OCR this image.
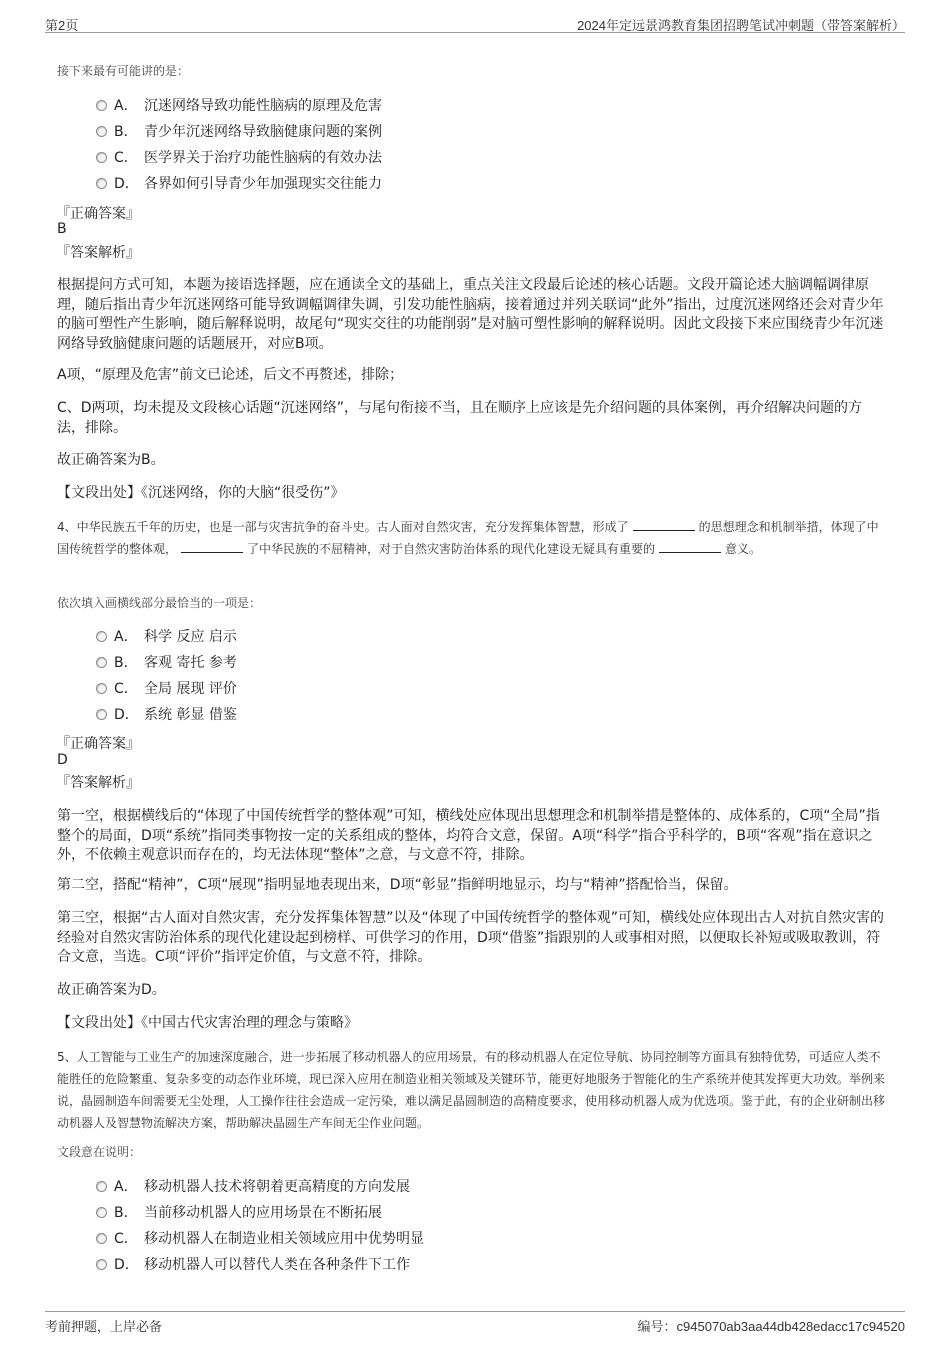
第2页	2024年定远景鸿教育集团招聘笔试冲刺题（带答案解析）
接下来最有可能讲的是：
A． 沉迷网络导致功能性脑病的原理及危害
B． 青少年沉迷网络导致脑健康问题的案例
C． 医学界关于治疗功能性脑病的有效办法
D． 各界如何引导青少年加强现实交往能力
『正确答案』
B
『答案解析』
根据提问方式可知，本题为接语选择题，应在通读全文的基础上，重点关注文段最后论述的核心话题。文段开篇论述大脑调幅调律原理，随后指出青少年沉迷网络可能导致调幅调律失调，引发功能性脑病，接着通过并列关联词“此外”指出，过度沉迷网络还会对青少年的脑可塑性产生影响，随后解释说明，故尾句“现实交往的功能削弱”是对脑可塑性影响的解释说明。因此文段接下来应围绕青少年沉迷网络导致脑健康问题的话题展开，对应B项。
A项，“原理及危害”前文已论述，后文不再赘述，排除；
C、D两项，均未提及文段核心话题“沉迷网络”，与尾句衔接不当，且在顺序上应该是先介绍问题的具体案例，再介绍解决问题的方法，排除。
故正确答案为B。
【文段出处】《沉迷网络，你的大脑“很受伤”》
4、中华民族五千年的历史，也是一部与灾害抗争的奋斗史。古人面对自然灾害，充分发挥集体智慧，形成了	的思想理念和机制举措，体现了中国传统哲学的整体观，	了中华民族的不屈精神，对于自然灾害防治体系的现代化建设无疑具有重要的	意义。
依次填入画横线部分最恰当的一项是：
A． 科学 反应 启示
B． 客观 寄托 参考
C． 全局 展现 评价
D． 系统 彰显 借鉴
『正确答案』
D
『答案解析』
第一空，根据横线后的“体现了中国传统哲学的整体观”可知，横线处应体现出思想理念和机制举措是整体的、成体系的，C项“全局”指整个的局面，D项“系统”指同类事物按一定的关系组成的整体，均符合文意，保留。A项“科学”指合乎科学的，B项“客观”指在意识之外，不依赖主观意识而存在的，均无法体现“整体”之意，与文意不符，排除。
第二空，搭配“精神”，C项“展现”指明显地表现出来，D项“彰显”指鲜明地显示，均与“精神”搭配恰当，保留。
第三空，根据“古人面对自然灾害，充分发挥集体智慧”以及“体现了中国传统哲学的整体观”可知，横线处应体现出古人对抗自然灾害的经验对自然灾害防治体系的现代化建设起到榜样、可供学习的作用，D项“借鉴”指跟别的人或事相对照，以便取长补短或吸取教训，符合文意，当选。C项“评价”指评定价值，与文意不符，排除。
故正确答案为D。
【文段出处】《中国古代灾害治理的理念与策略》
5、人工智能与工业生产的加速深度融合，进一步拓展了移动机器人的应用场景，有的移动机器人在定位导航、协同控制等方面具有独特优势，可适应人类不能胜任的危险繁重、复杂多变的动态作业环境，现已深入应用在制造业相关领域及关键环节，能更好地服务于智能化的生产系统并使其发挥更大功效。举例来说，晶圆制造车间需要无尘处理，人工操作往往会造成一定污染，难以满足晶圆制造的高精度要求，使用移动机器人成为优选项。鉴于此，有的企业研制出移动机器人及智慧物流解决方案，帮助解决晶圆生产车间无尘作业问题。
文段意在说明：
A． 移动机器人技术将朝着更高精度的方向发展
B． 当前移动机器人的应用场景在不断拓展
C． 移动机器人在制造业相关领域应用中优势明显
D． 移动机器人可以替代人类在各种条件下工作
考前押题，上岸必备	编号：c945070ab3aa44db428edacc17c94520
